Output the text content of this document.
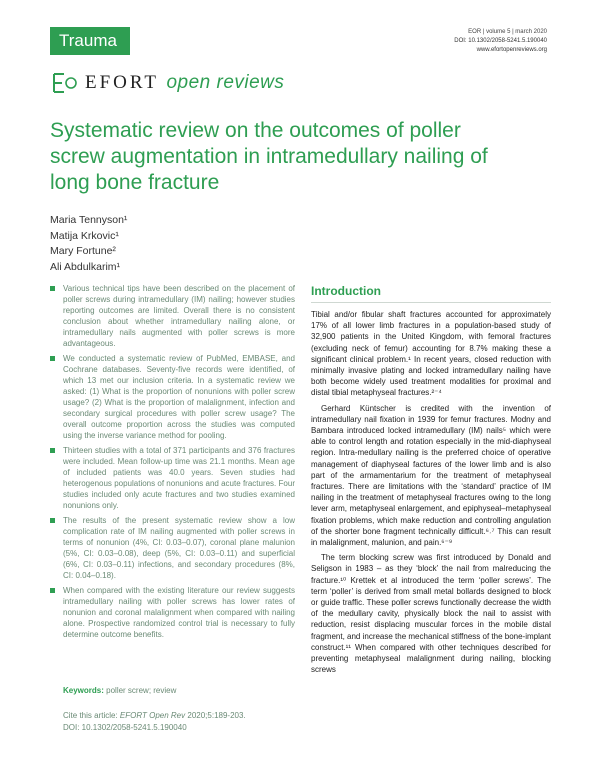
Trauma	EOR | volume 5 | march 2020
DOI: 10.1302/2058-5241.5.190040
www.efortopenreviews.org
EFORT open reviews
Systematic review on the outcomes of poller screw augmentation in intramedullary nailing of long bone fracture
Maria Tennyson¹
Matija Krkovic¹
Mary Fortune²
Ali Abdulkarim¹
Various technical tips have been described on the placement of poller screws during intramedullary (IM) nailing; however studies reporting outcomes are limited. Overall there is no consistent conclusion about whether intramedullary nailing alone, or intramedullary nails augmented with poller screws is more advantageous.
We conducted a systematic review of PubMed, EMBASE, and Cochrane databases. Seventy-five records were identified, of which 13 met our inclusion criteria. In a systematic review we asked: (1) What is the proportion of nonunions with poller screw usage? (2) What is the proportion of malalignment, infection and secondary surgical procedures with poller screw usage? The overall outcome proportion across the studies was computed using the inverse variance method for pooling.
Thirteen studies with a total of 371 participants and 376 fractures were included. Mean follow-up time was 21.1 months. Mean age of included patients was 40.0 years. Seven studies had heterogenous populations of nonunions and acute fractures. Four studies included only acute fractures and two studies examined nonunions only.
The results of the present systematic review show a low complication rate of IM nailing augmented with poller screws in terms of nonunion (4%, CI: 0.03–0.07), coronal plane malunion (5%, CI: 0.03–0.08), deep (5%, CI: 0.03–0.11) and superficial (6%, CI: 0.03–0.11) infections, and secondary procedures (8%, CI: 0.04–0.18).
When compared with the existing literature our review suggests intramedullary nailing with poller screws has lower rates of nonunion and coronal malalignment when compared with nailing alone. Prospective randomized control trial is necessary to fully determine outcome benefits.
Keywords: poller screw; review
Cite this article: EFORT Open Rev 2020;5:189-203.
DOI: 10.1302/2058-5241.5.190040
Introduction

Tibial and/or fibular shaft fractures accounted for approximately 17% of all lower limb fractures in a population-based study of 32,900 patients in the United Kingdom, with femoral fractures (excluding neck of femur) accounting for 8.7% making these a significant clinical problem.¹ In recent years, closed reduction with minimally invasive plating and locked intramedullary nailing have both become widely used treatment modalities for proximal and distal tibial metaphyseal fractures.²⁻⁴

Gerhard Küntscher is credited with the invention of intramedullary nail fixation in 1939 for femur fractures. Modny and Bambara introduced locked intramedullary (IM) nails⁵ which were able to control length and rotation especially in the mid-diaphyseal region. Intra-medullary nailing is the preferred choice of operative management of diaphyseal factures of the lower limb and is also part of the armamentarium for the treatment of metaphyseal fractures. There are limitations with the ‘standard’ practice of IM nailing in the treatment of metaphyseal fractures owing to the long lever arm, metaphyseal enlargement, and epiphyseal–metaphyseal fixation problems, which make reduction and controlling angulation of the shorter bone fragment technically difficult.⁶˒⁷ This can result in malalignment, malunion, and pain.⁶⁻⁹

The term blocking screw was first introduced by Donald and Seligson in 1983 – as they ‘block’ the nail from malreducing the fracture.¹⁰ Krettek et al introduced the term ‘poller screws’. The term ‘poller’ is derived from small metal bollards designed to block or guide traffic. These poller screws functionally decrease the width of the medullary cavity, physically block the nail to assist with reduction, resist displacing muscular forces in the mobile distal fragment, and increase the mechanical stiffness of the bone-implant construct.¹¹ When compared with other techniques described for preventing metaphyseal malalignment during nailing, blocking screws
